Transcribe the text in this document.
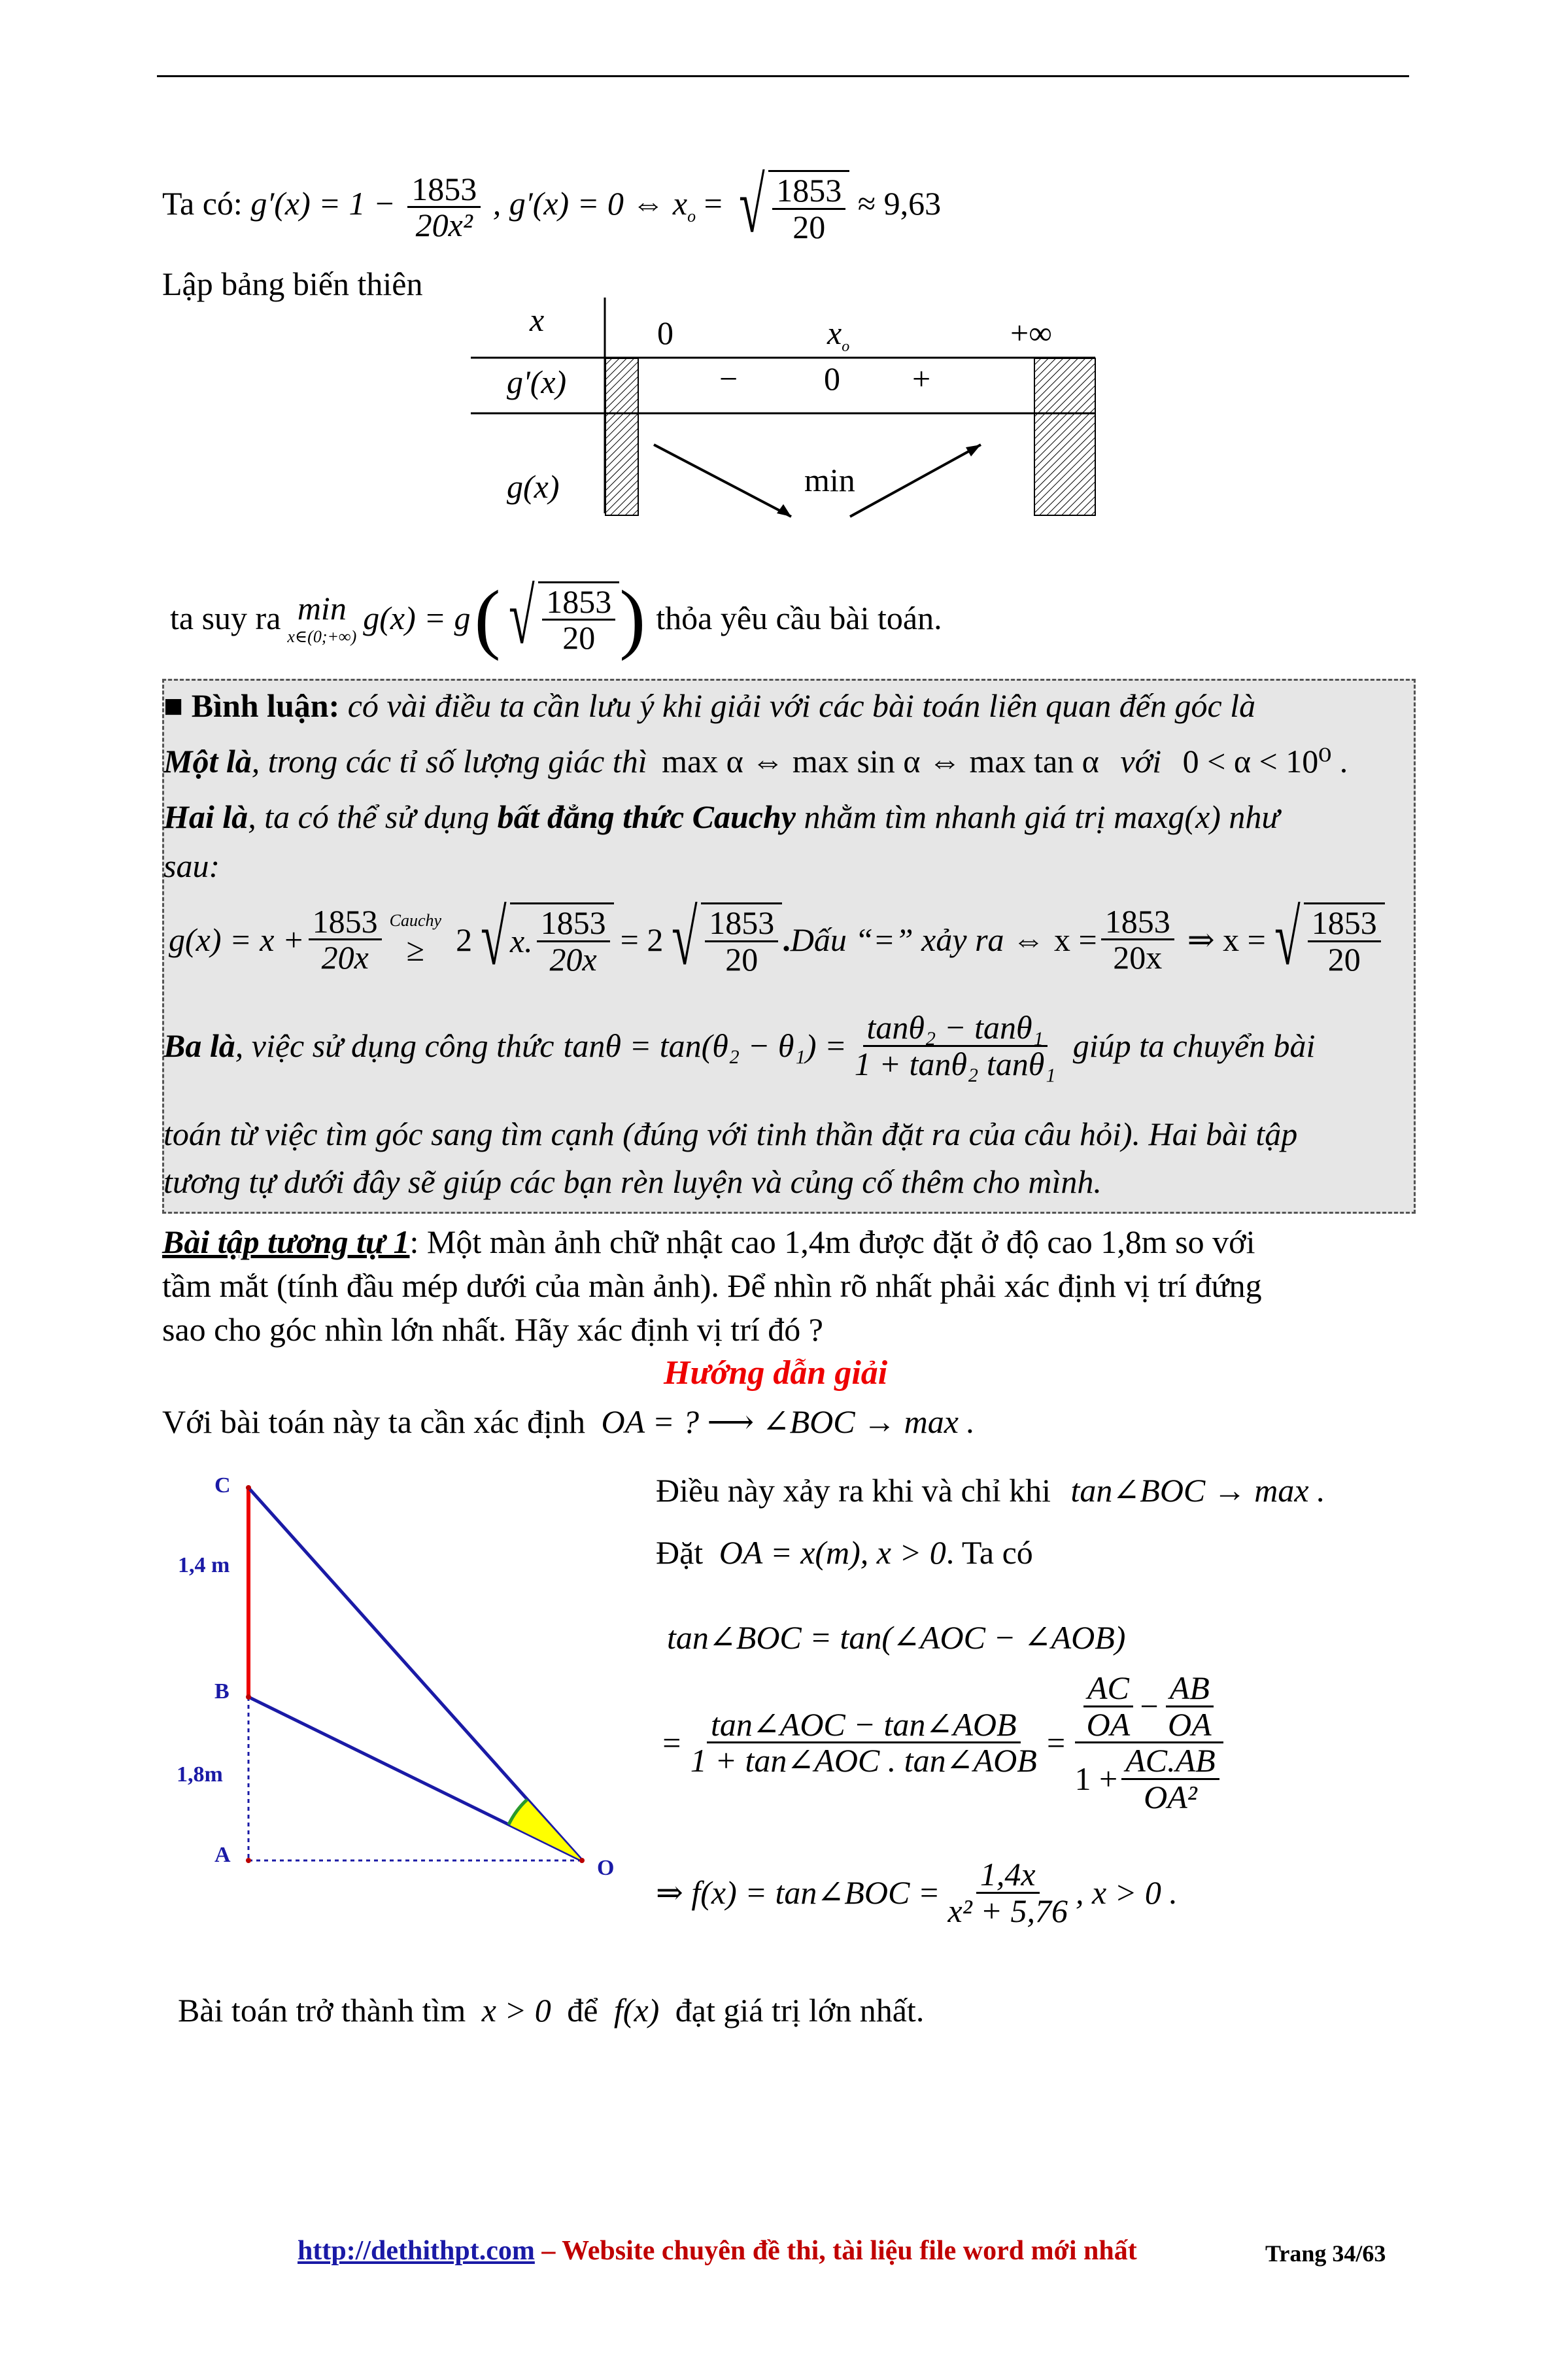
Ta có: $g'(x) = 1 - \frac{1853}{\text{20x²}}$ , g′(x) = 0 ⇔ $x_o$ = √ $\frac{1853}{20} \approx 9,63$
Lập bảng biến thiên
x	0	$x_o$	+∞
g'(x)	−	0 +
g(x)	min
ta suy ra min
x∈(0;+∞)
g(x) = g ( √ $\frac{1853}{20}$ ) thỏa yêu cầu bài toán.
■ Bình luận: có vài điều ta cần lưu ý khi giải với các bài toán liên quan đến góc là
Một là, trong các tỉ số lượng giác thì max α ⇔ max sin α ⇔ max tan α với 0 < α < 10⁰ .
Hai là, ta có thể sử dụng bất đẳng thức Cauchy nhằm tìm nhanh giá trị maxg(x) như
sau:
$g(x) = x + \frac{1853}{20x}$ Cauchy
≥ 2 √ x. $\frac{1853}{20x} = 2$ √ $\frac{1853}{20}$ . Dấu “=” xảy ra ⇔ $x = \frac{1853}{20x}$ ⇒ x = √ $\frac{1853}{20}$
Ba là , việc sử dụng công thức $\tan\theta = \tan(\theta_2 - \theta_1) = \frac{\text{tanθ₂ − tanθ₁}}{\text{1 + tanθ₂ tanθ₁}}$ giúp ta chuyển bài
toán từ việc tìm góc sang tìm cạnh (đúng với tinh thần đặt ra của câu hỏi). Hai bài tập
tương tự dưới đây sẽ giúp các bạn rèn luyện và củng cố thêm cho mình.
Bài tập tương tự 1: Một màn ảnh chữ nhật cao 1,4m được đặt ở độ cao 1,8m so với
tầm mắt (tính đầu mép dưới của màn ảnh). Để nhìn rõ nhất phải xác định vị trí đứng
sao cho góc nhìn lớn nhất. Hãy xác định vị trí đó ?
Hướng dẫn giải
Với bài toán này ta cần xác định OA = ? ⟶ ∠BOC → max .
C
1,4 m
B
1,8m
A
O
Điều này xảy ra khi và chỉ khi tan∠BOC → max .
Đặt OA = x(m), x > 0. Ta có
tan∠BOC = tan(∠AOC − ∠AOB)
= $\frac{\text{tan∠AOC − tan∠AOB}}{\text{1 + tan∠AOC . tan∠AOB}} = \frac{\frac{AC}{OA} - \frac{AB}{OA}}{1 + \frac{AC.AB}{\text{OA²}}}$
⇒ f(x) = tan∠BOC = $\frac{1,4x}{\text{x² + 5,76}}$ , x > 0 .
Bài toán trở thành tìm x > 0 để f(x) đạt giá trị lớn nhất.
http://dethithpt.com – Website chuyên đề thi, tài liệu file word mới nhất	Trang 34/63
